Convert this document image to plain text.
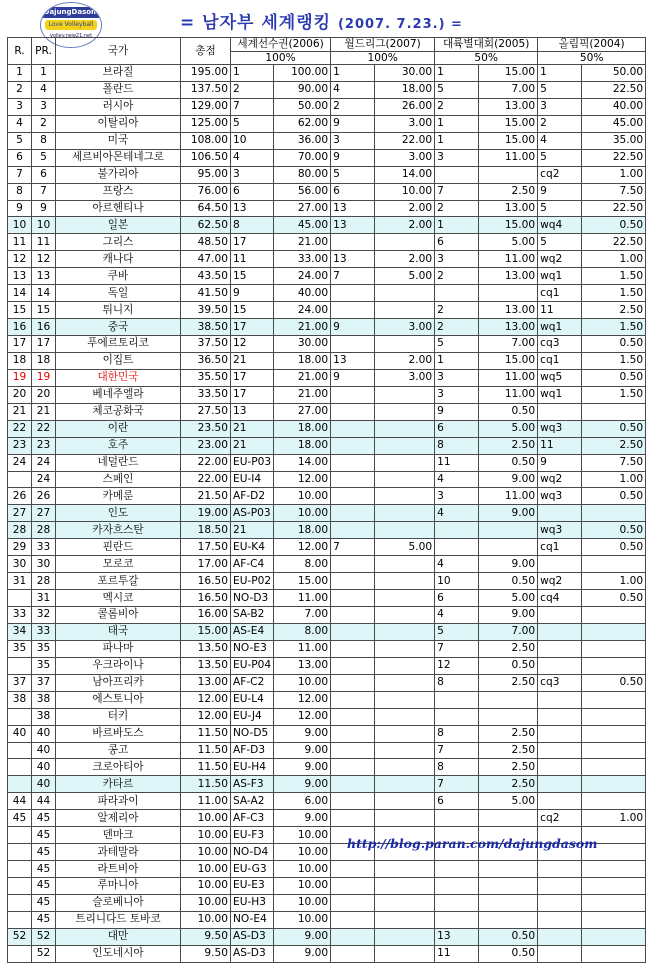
DajungDasom
Love Volleyball
volley.new21.net
= 남자부 세계랭킹 (2007. 7.23.) =
R.	PR.	국가	총점	세계선수권(2006)		월드리그(2007)		대륙별대회(2005)		올림픽(2004)	
				100%		100%		50%		50%	
1	1	브라질	195.00	1	100.00	1	30.00	1	15.00	1	50.00
2	4	폴란드	137.50	2	90.00	4	18.00	5	7.00	5	22.50
3	3	러시아	129.00	7	50.00	2	26.00	2	13.00	3	40.00
4	2	이탈리아	125.00	5	62.00	9	3.00	1	15.00	2	45.00
5	8	미국	108.00	10	36.00	3	22.00	1	15.00	4	35.00
6	5	세르비아몬테네그로	106.50	4	70.00	9	3.00	3	11.00	5	22.50
7	6	불가리아	95.00	3	80.00	5	14.00			cq2	1.00
8	7	프랑스	76.00	6	56.00	6	10.00	7	2.50	9	7.50
9	9	아르헨티나	64.50	13	27.00	13	2.00	2	13.00	5	22.50
10	10	일본	62.50	8	45.00	13	2.00	1	15.00	wq4	0.50
11	11	그리스	48.50	17	21.00			6	5.00	5	22.50
12	12	캐나다	47.00	11	33.00	13	2.00	3	11.00	wq2	1.00
13	13	쿠바	43.50	15	24.00	7	5.00	2	13.00	wq1	1.50
14	14	독일	41.50	9	40.00					cq1	1.50
15	15	튀니지	39.50	15	24.00			2	13.00	11	2.50
16	16	중국	38.50	17	21.00	9	3.00	2	13.00	wq1	1.50
17	17	푸에르토리코	37.50	12	30.00			5	7.00	cq3	0.50
18	18	이집트	36.50	21	18.00	13	2.00	1	15.00	cq1	1.50
19	19	대한민국	35.50	17	21.00	9	3.00	3	11.00	wq5	0.50
20	20	베네주엘라	33.50	17	21.00			3	11.00	wq1	1.50
21	21	체코공화국	27.50	13	27.00			9	0.50		
22	22	이란	23.50	21	18.00			6	5.00	wq3	0.50
23	23	호주	23.00	21	18.00			8	2.50	11	2.50
24	24	네덜란드	22.00	EU-P03	14.00			11	0.50	9	7.50
	24	스페인	22.00	EU-I4	12.00			4	9.00	wq2	1.00
26	26	카메룬	21.50	AF-D2	10.00			3	11.00	wq3	0.50
27	27	인도	19.00	AS-P03	10.00			4	9.00		
28	28	카자흐스탄	18.50	21	18.00					wq3	0.50
29	33	핀란드	17.50	EU-K4	12.00	7	5.00			cq1	0.50
30	30	모로코	17.00	AF-C4	8.00			4	9.00		
31	28	포르투갈	16.50	EU-P02	15.00			10	0.50	wq2	1.00
	31	멕시코	16.50	NO-D3	11.00			6	5.00	cq4	0.50
33	32	콜롬비아	16.00	SA-B2	7.00			4	9.00		
34	33	태국	15.00	AS-E4	8.00			5	7.00		
35	35	파나마	13.50	NO-E3	11.00			7	2.50		
	35	우크라이나	13.50	EU-P04	13.00			12	0.50		
37	37	남아프리카	13.00	AF-C2	10.00			8	2.50	cq3	0.50
38	38	에스토니아	12.00	EU-L4	12.00						
	38	터키	12.00	EU-J4	12.00						
40	40	바르바도스	11.50	NO-D5	9.00			8	2.50		
	40	콩고	11.50	AF-D3	9.00			7	2.50		
	40	크로아티아	11.50	EU-H4	9.00			8	2.50		
	40	카타르	11.50	AS-F3	9.00			7	2.50		
44	44	파라과이	11.00	SA-A2	6.00			6	5.00		
45	45	알제리아	10.00	AF-C3	9.00					cq2	1.00
	45	덴마크	10.00	EU-F3	10.00						
	45	과테말라	10.00	NO-D4	10.00						
	45	라트비아	10.00	EU-G3	10.00						
	45	루마니아	10.00	EU-E3	10.00						
	45	슬로베니아	10.00	EU-H3	10.00						
	45	트리니다드 토바코	10.00	NO-E4	10.00						
52	52	대만	9.50	AS-D3	9.00			13	0.50		
	52	인도네시아	9.50	AS-D3	9.00			11	0.50		
http://blog.paran.com/dajungdasom
